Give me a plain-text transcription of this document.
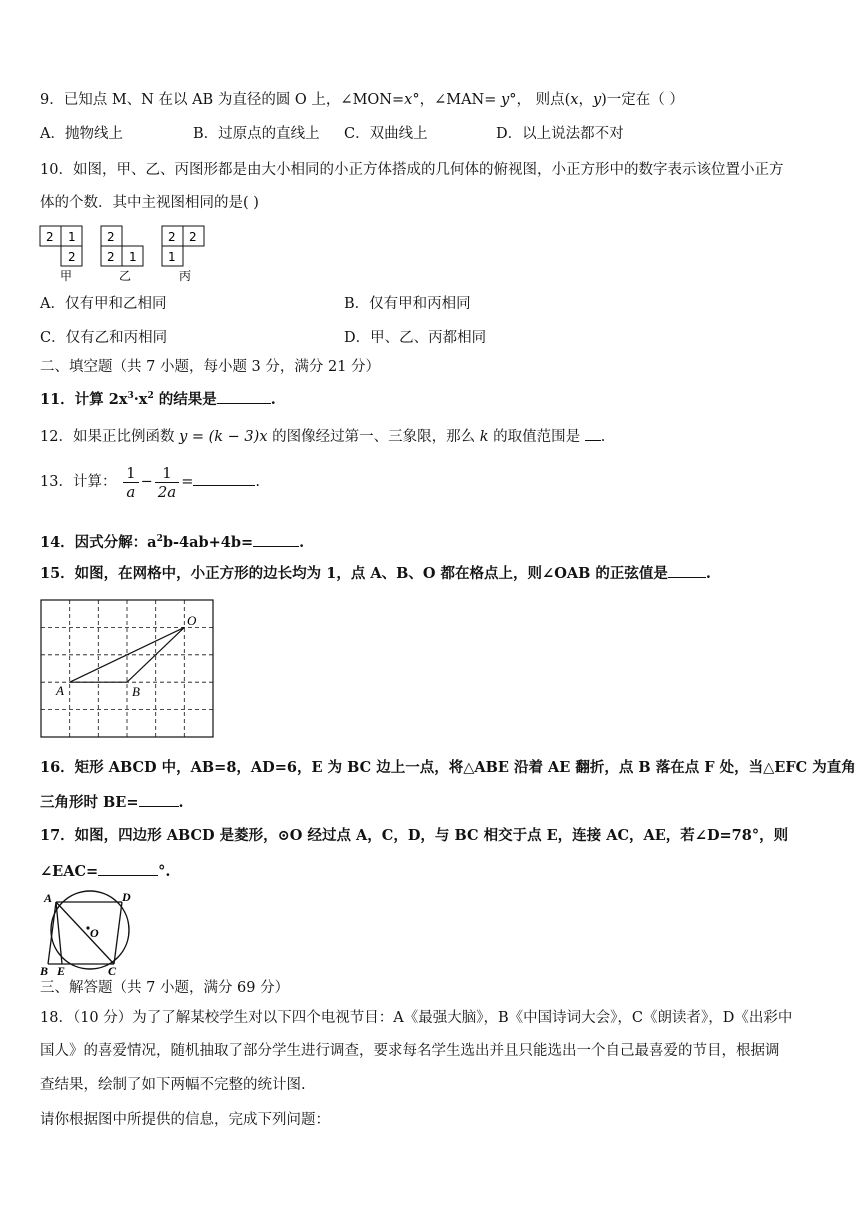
9．已知点 M、N 在以 AB 为直径的圆 O 上，∠MON=x°，∠MAN= y°， 则点(x，y)一定在（ ）
A．抛物线上	B．过原点的直线上 C．双曲线上	D．以上说法都不对
10．如图，甲、乙、丙图形都是由大小相同的小正方体搭成的几何体的俯视图，小正方形中的数字表示该位置小正方
体的个数．其中主视图相同的是( )
2 1
2
甲
2
2 1
乙
2 2
1
丙
A．仅有甲和乙相同	B．仅有甲和丙相同
C．仅有乙和丙相同	D．甲、乙、丙都相同
二、填空题（共 7 小题，每小题 3 分，满分 21 分）
11．计算 $2x^3\cdot x^2$ 的结果是	.
12．如果正比例函数 y = (k − 3)x 的图像经过第一、三象限，那么 k 的取值范围是 .
13．计算： $\frac{1}{a} - \frac{1}{2a}$ =	.
14．因式分解：$a^2b-4ab+4b=$	.
15．如图，在网格中，小正方形的边长均为 1，点 A、B、O 都在格点上，则∠OAB 的正弦值是	.
O
A	B
16．矩形 ABCD 中，AB=8，AD=6，E 为 BC 边上一点，将△ABE 沿着 AE 翻折，点 B 落在点 F 处，当△EFC 为直角
三角形时 BE=	.
17．如图，四边形 ABCD 是菱形，⊙O 经过点 A，C，D，与 BC 相交于点 E，连接 AC，AE，若∠D=78°，则
∠EAC=	°.
A	D
O
B E	C
三、解答题（共 7 小题，满分 69 分）
18．（10 分）为了了解某校学生对以下四个电视节目：A《最强大脑》，B《中国诗词大会》，C《朗读者》，D《出彩中
国人》的喜爱情况，随机抽取了部分学生进行调查，要求每名学生选出并且只能选出一个自己最喜爱的节目，根据调
查结果，绘制了如下两幅不完整的统计图.
请你根据图中所提供的信息，完成下列问题：
